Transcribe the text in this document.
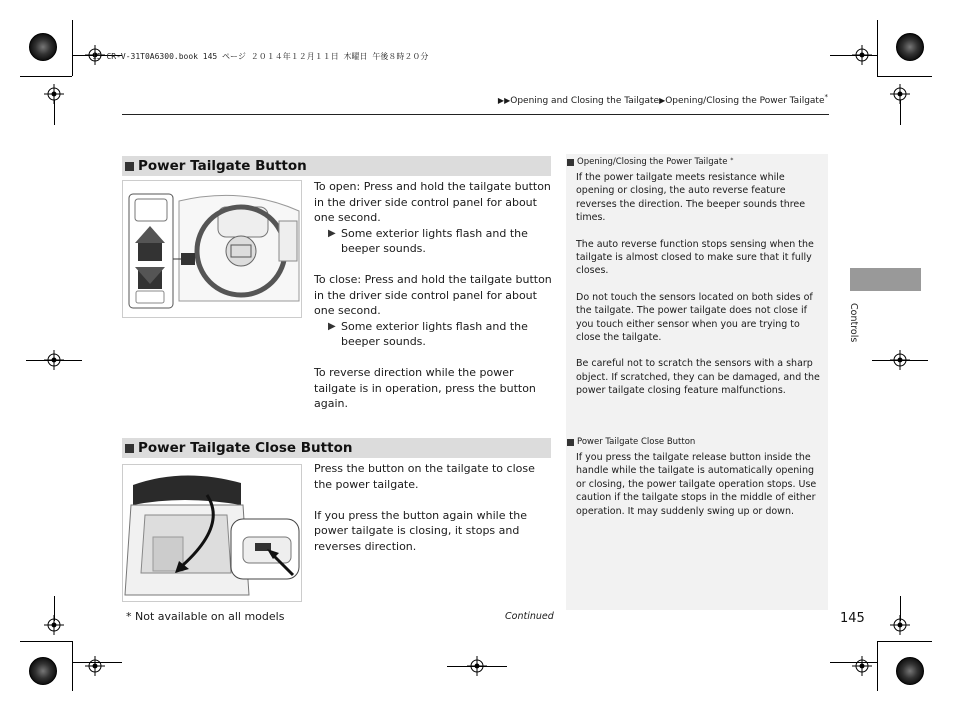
15 CR-V-31T0A6300.book 145 ページ ２０１４年１２月１１日 木曜日 午後８時２０分
▶▶Opening and Closing the Tailgate▶Opening/Closing the Power Tailgate*
Power Tailgate Button

To open: Press and hold the tailgate button in the driver side control panel for about one second.

▶ Some exterior lights flash and the beeper sounds.

To close: Press and hold the tailgate button in the driver side control panel for about one second.

▶ Some exterior lights flash and the beeper sounds.

To reverse direction while the power tailgate is in operation, press the button again.

Power Tailgate Close Button

Press the button on the tailgate to close the power tailgate.

If you press the button again while the power tailgate is closing, it stops and reverses direction.

Opening/Closing the Power Tailgate *

If the power tailgate meets resistance while opening or closing, the auto reverse feature reverses the direction. The beeper sounds three times.

The auto reverse function stops sensing when the tailgate is almost closed to make sure that it fully closes.

Do not touch the sensors located on both sides of the tailgate. The power tailgate does not close if you touch either sensor when you are trying to close the tailgate.

Be careful not to scratch the sensors with a sharp object. If scratched, they can be damaged, and the power tailgate closing feature malfunctions.

Power Tailgate Close Button

If you press the tailgate release button inside the handle while the tailgate is automatically opening or closing, the power tailgate operation stops. Use caution if the tailgate stops in the middle of either operation. It may suddenly swing up or down.

Controls
* Not available on all models	Continued	145
